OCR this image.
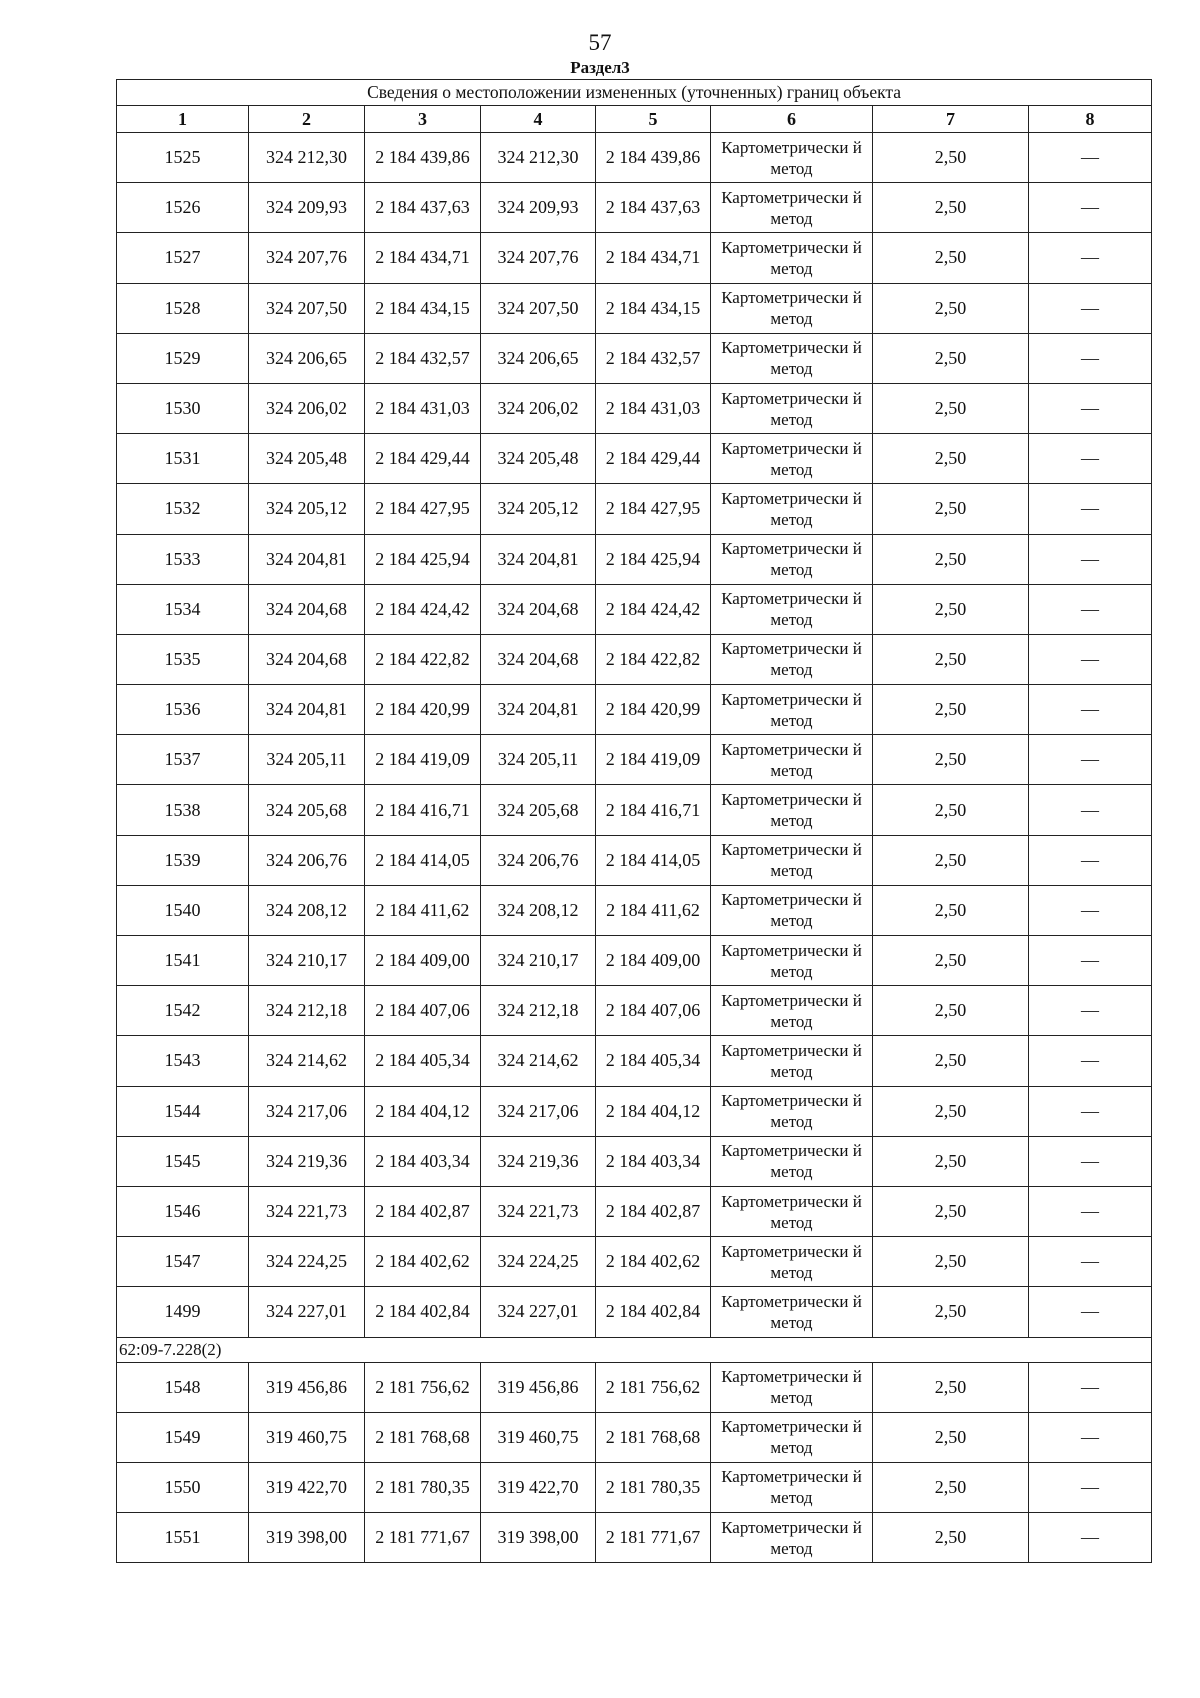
57
Раздел3
Сведения о местоположении измененных (уточненных) границ объекта							
1	2	3	4	5	6	7	8
1525	324 212,30	2 184 439,86	324 212,30	2 184 439,86	Картометрически й метод	2,50	—
1526	324 209,93	2 184 437,63	324 209,93	2 184 437,63	Картометрически й метод	2,50	—
1527	324 207,76	2 184 434,71	324 207,76	2 184 434,71	Картометрически й метод	2,50	—
1528	324 207,50	2 184 434,15	324 207,50	2 184 434,15	Картометрически й метод	2,50	—
1529	324 206,65	2 184 432,57	324 206,65	2 184 432,57	Картометрически й метод	2,50	—
1530	324 206,02	2 184 431,03	324 206,02	2 184 431,03	Картометрически й метод	2,50	—
1531	324 205,48	2 184 429,44	324 205,48	2 184 429,44	Картометрически й метод	2,50	—
1532	324 205,12	2 184 427,95	324 205,12	2 184 427,95	Картометрически й метод	2,50	—
1533	324 204,81	2 184 425,94	324 204,81	2 184 425,94	Картометрически й метод	2,50	—
1534	324 204,68	2 184 424,42	324 204,68	2 184 424,42	Картометрически й метод	2,50	—
1535	324 204,68	2 184 422,82	324 204,68	2 184 422,82	Картометрически й метод	2,50	—
1536	324 204,81	2 184 420,99	324 204,81	2 184 420,99	Картометрически й метод	2,50	—
1537	324 205,11	2 184 419,09	324 205,11	2 184 419,09	Картометрически й метод	2,50	—
1538	324 205,68	2 184 416,71	324 205,68	2 184 416,71	Картометрически й метод	2,50	—
1539	324 206,76	2 184 414,05	324 206,76	2 184 414,05	Картометрически й метод	2,50	—
1540	324 208,12	2 184 411,62	324 208,12	2 184 411,62	Картометрически й метод	2,50	—
1541	324 210,17	2 184 409,00	324 210,17	2 184 409,00	Картометрически й метод	2,50	—
1542	324 212,18	2 184 407,06	324 212,18	2 184 407,06	Картометрически й метод	2,50	—
1543	324 214,62	2 184 405,34	324 214,62	2 184 405,34	Картометрически й метод	2,50	—
1544	324 217,06	2 184 404,12	324 217,06	2 184 404,12	Картометрически й метод	2,50	—
1545	324 219,36	2 184 403,34	324 219,36	2 184 403,34	Картометрически й метод	2,50	—
1546	324 221,73	2 184 402,87	324 221,73	2 184 402,87	Картометрически й метод	2,50	—
1547	324 224,25	2 184 402,62	324 224,25	2 184 402,62	Картометрически й метод	2,50	—
1499	324 227,01	2 184 402,84	324 227,01	2 184 402,84	Картометрически й метод	2,50	—
62:09-7.228(2)							
1548	319 456,86	2 181 756,62	319 456,86	2 181 756,62	Картометрически й метод	2,50	—
1549	319 460,75	2 181 768,68	319 460,75	2 181 768,68	Картометрически й метод	2,50	—
1550	319 422,70	2 181 780,35	319 422,70	2 181 780,35	Картометрически й метод	2,50	—
1551	319 398,00	2 181 771,67	319 398,00	2 181 771,67	Картометрически й метод	2,50	—
